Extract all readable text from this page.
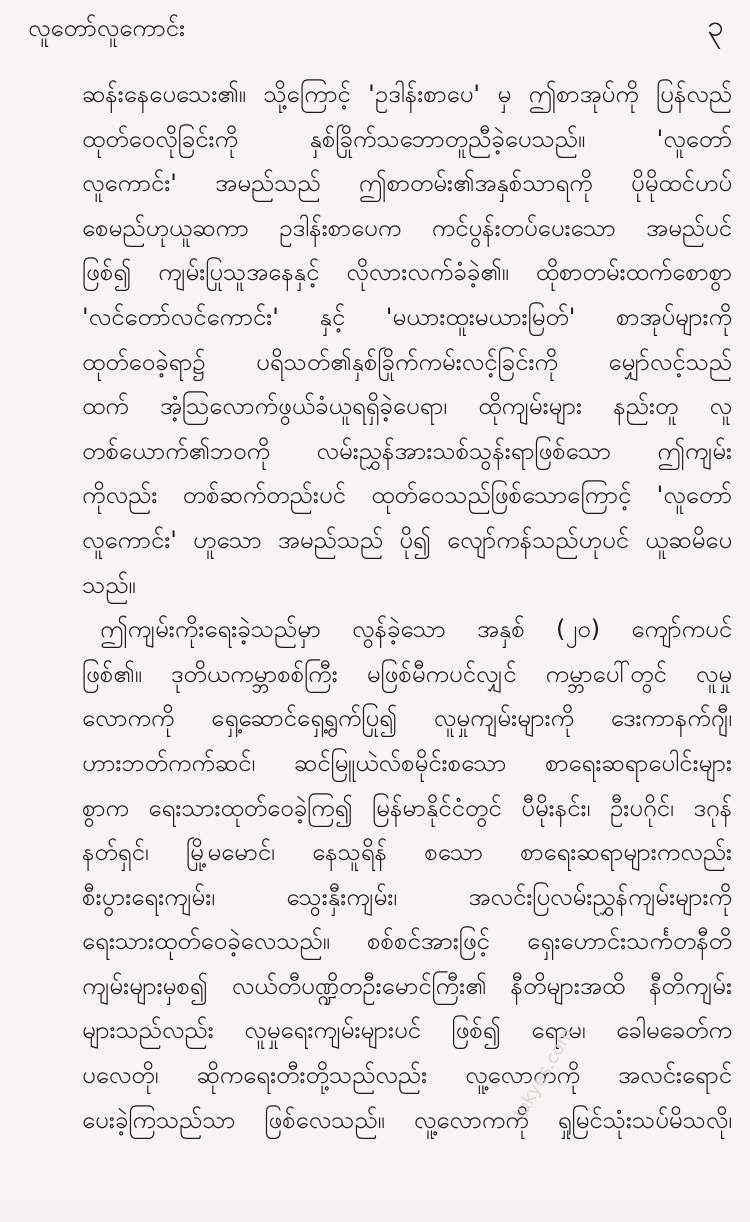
လူတော်လူကောင်း	၃
ဆန်းနေပေသေး၏။ သို့ကြောင့် 'ဥဒါန်းစာပေ' မှ ဤစာအုပ်ကို ပြန်လည်
ထုတ်ဝေလိုခြင်းကို နှစ်ခြိုက်သဘောတူညီခဲ့ပေသည်။ 'လူတော်
လူကောင်း' အမည်သည် ဤစာတမ်း၏အနှစ်သာရကို ပိုမိုထင်ဟပ်
စေမည်ဟုယူဆကာ ဥဒါန်းစာပေက ကင်ပွန်းတပ်ပေးသော အမည်ပင်
ဖြစ်၍ ကျမ်းပြုသူအနေနှင့် လိုလားလက်ခံခဲ့၏။ ထိုစာတမ်းထက်စောစွာ
'လင်တော်လင်ကောင်း' နှင့် 'မယားထူးမယားမြတ်' စာအုပ်များကို
ထုတ်ဝေခဲ့ရာ၌ ပရိသတ်၏နှစ်ခြိုက်ကမ်းလင့်ခြင်းကို မျှော်လင့်သည်
ထက် အံ့သြလောက်ဖွယ်ခံယူရရှိခဲ့ပေရာ၊ ထိုကျမ်းများ နည်းတူ လူ
တစ်ယောက်၏ဘဝကို လမ်းညွှန်အားသစ်သွန်းရာဖြစ်သော ဤကျမ်း
ကိုလည်း တစ်ဆက်တည်းပင် ထုတ်ဝေသည်ဖြစ်သောကြောင့် 'လူတော်
လူကောင်း' ဟူသော အမည်သည် ပို၍ လျော်ကန်သည်ဟုပင် ယူဆမိပေ
သည်။
ဤကျမ်းကိုးရေးခဲ့သည်မှာ လွန်ခဲ့သော အနှစ် (၂၀) ကျော်ကပင်
ဖြစ်၏။ ဒုတိယကမ္ဘာစစ်ကြီး မဖြစ်မီကပင်လျှင် ကမ္ဘာပေါ်တွင် လူမှု
လောကကို ရှေ့ဆောင်ရှေ့ရွက်ပြု၍ လူမှုကျမ်းများကို ဒေးကာနက်ဂျီ၊
ဟားဘတ်ကက်ဆင်၊ ဆင်မြူယဲလ်စမိုင်းစသော စာရေးဆရာပေါင်းများ
စွာက ရေးသားထုတ်ဝေခဲ့ကြ၍ မြန်မာနိုင်ငံတွင် ပီမိုးနင်း၊ ဦးပဂိုင်၊ ဒဂုန်
နတ်ရှင်၊ မြို့မမောင်၊ နေသူရိန် စသော စာရေးဆရာများကလည်း
စီးပွားရေးကျမ်း၊ သွေးနှီးကျမ်း၊ အလင်းပြလမ်းညွှန်ကျမ်းများကို
ရေးသားထုတ်ဝေခဲ့လေသည်။ စစ်စင်အားဖြင့် ရှေးဟောင်းသင်္ကတနီတိ
ကျမ်းများမှစ၍ လယ်တီပဏ္ဍိတဦးမောင်ကြီး၏ နီတိများအထိ နီတိကျမ်း
များသည်လည်း လူမှုရေးကျမ်းများပင် ဖြစ်၍ ရောမ၊ ခေါမခေတ်က
ပလေတို၊ ဆိုကရေးတီးတို့သည်လည်း လူ့လောကကို အလင်းရောင်
ပေးခဲ့ကြသည်သာ ဖြစ်လေသည်။ လူ့လောကကို ရှုမြင်သုံးသပ်မိသလို၊
lukyes.com
